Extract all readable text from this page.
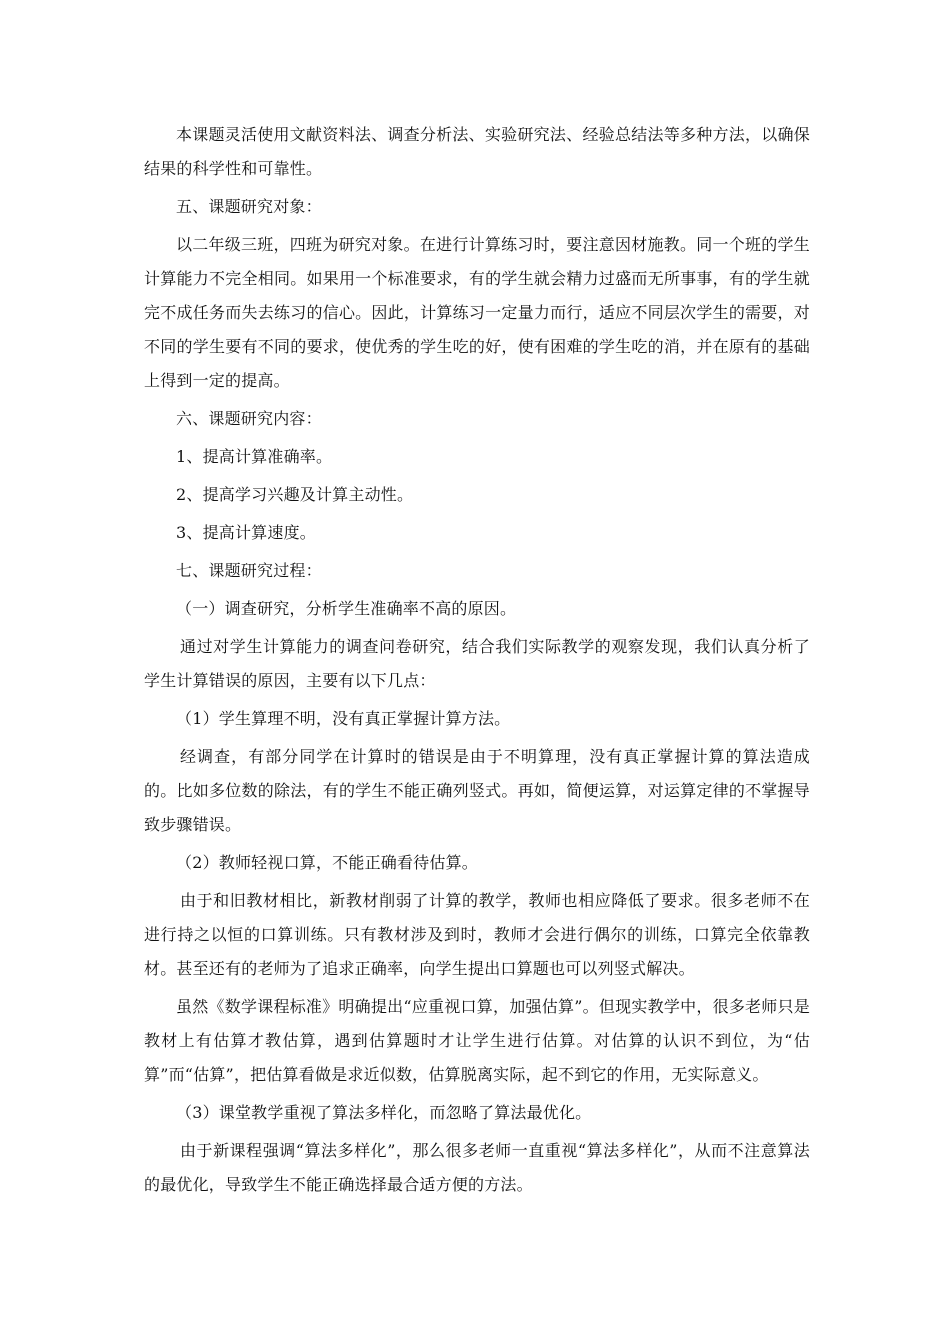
本课题灵活使用文献资料法、调查分析法、实验研究法、经验总结法等多种方法，以确保结果的科学性和可靠性。

五、课题研究对象：

以二年级三班，四班为研究对象。在进行计算练习时，要注意因材施教。同一个班的学生计算能力不完全相同。如果用一个标准要求，有的学生就会精力过盛而无所事事，有的学生就完不成任务而失去练习的信心。因此，计算练习一定量力而行，适应不同层次学生的需要，对不同的学生要有不同的要求，使优秀的学生吃的好，使有困难的学生吃的消，并在原有的基础上得到一定的提高。

六、课题研究内容：

1、提高计算准确率。

2、提高学习兴趣及计算主动性。

3、提高计算速度。

七、课题研究过程：

（一）调查研究，分析学生准确率不高的原因。

通过对学生计算能力的调查问卷研究，结合我们实际教学的观察发现，我们认真分析了学生计算错误的原因，主要有以下几点：

（1）学生算理不明，没有真正掌握计算方法。

经调查，有部分同学在计算时的错误是由于不明算理，没有真正掌握计算的算法造成的。比如多位数的除法，有的学生不能正确列竖式。再如，简便运算，对运算定律的不掌握导致步骤错误。

（2）教师轻视口算，不能正确看待估算。

由于和旧教材相比，新教材削弱了计算的教学，教师也相应降低了要求。很多老师不在进行持之以恒的口算训练。只有教材涉及到时，教师才会进行偶尔的训练，口算完全依靠教材。甚至还有的老师为了追求正确率，向学生提出口算题也可以列竖式解决。

虽然《数学课程标准》明确提出“应重视口算，加强估算”。但现实教学中，很多老师只是教材上有估算才教估算，遇到估算题时才让学生进行估算。对估算的认识不到位，为“估算”而“估算”，把估算看做是求近似数，估算脱离实际，起不到它的作用，无实际意义。

（3）课堂教学重视了算法多样化，而忽略了算法最优化。

由于新课程强调“算法多样化”，那么很多老师一直重视“算法多样化”，从而不注意算法的最优化，导致学生不能正确选择最合适方便的方法。
